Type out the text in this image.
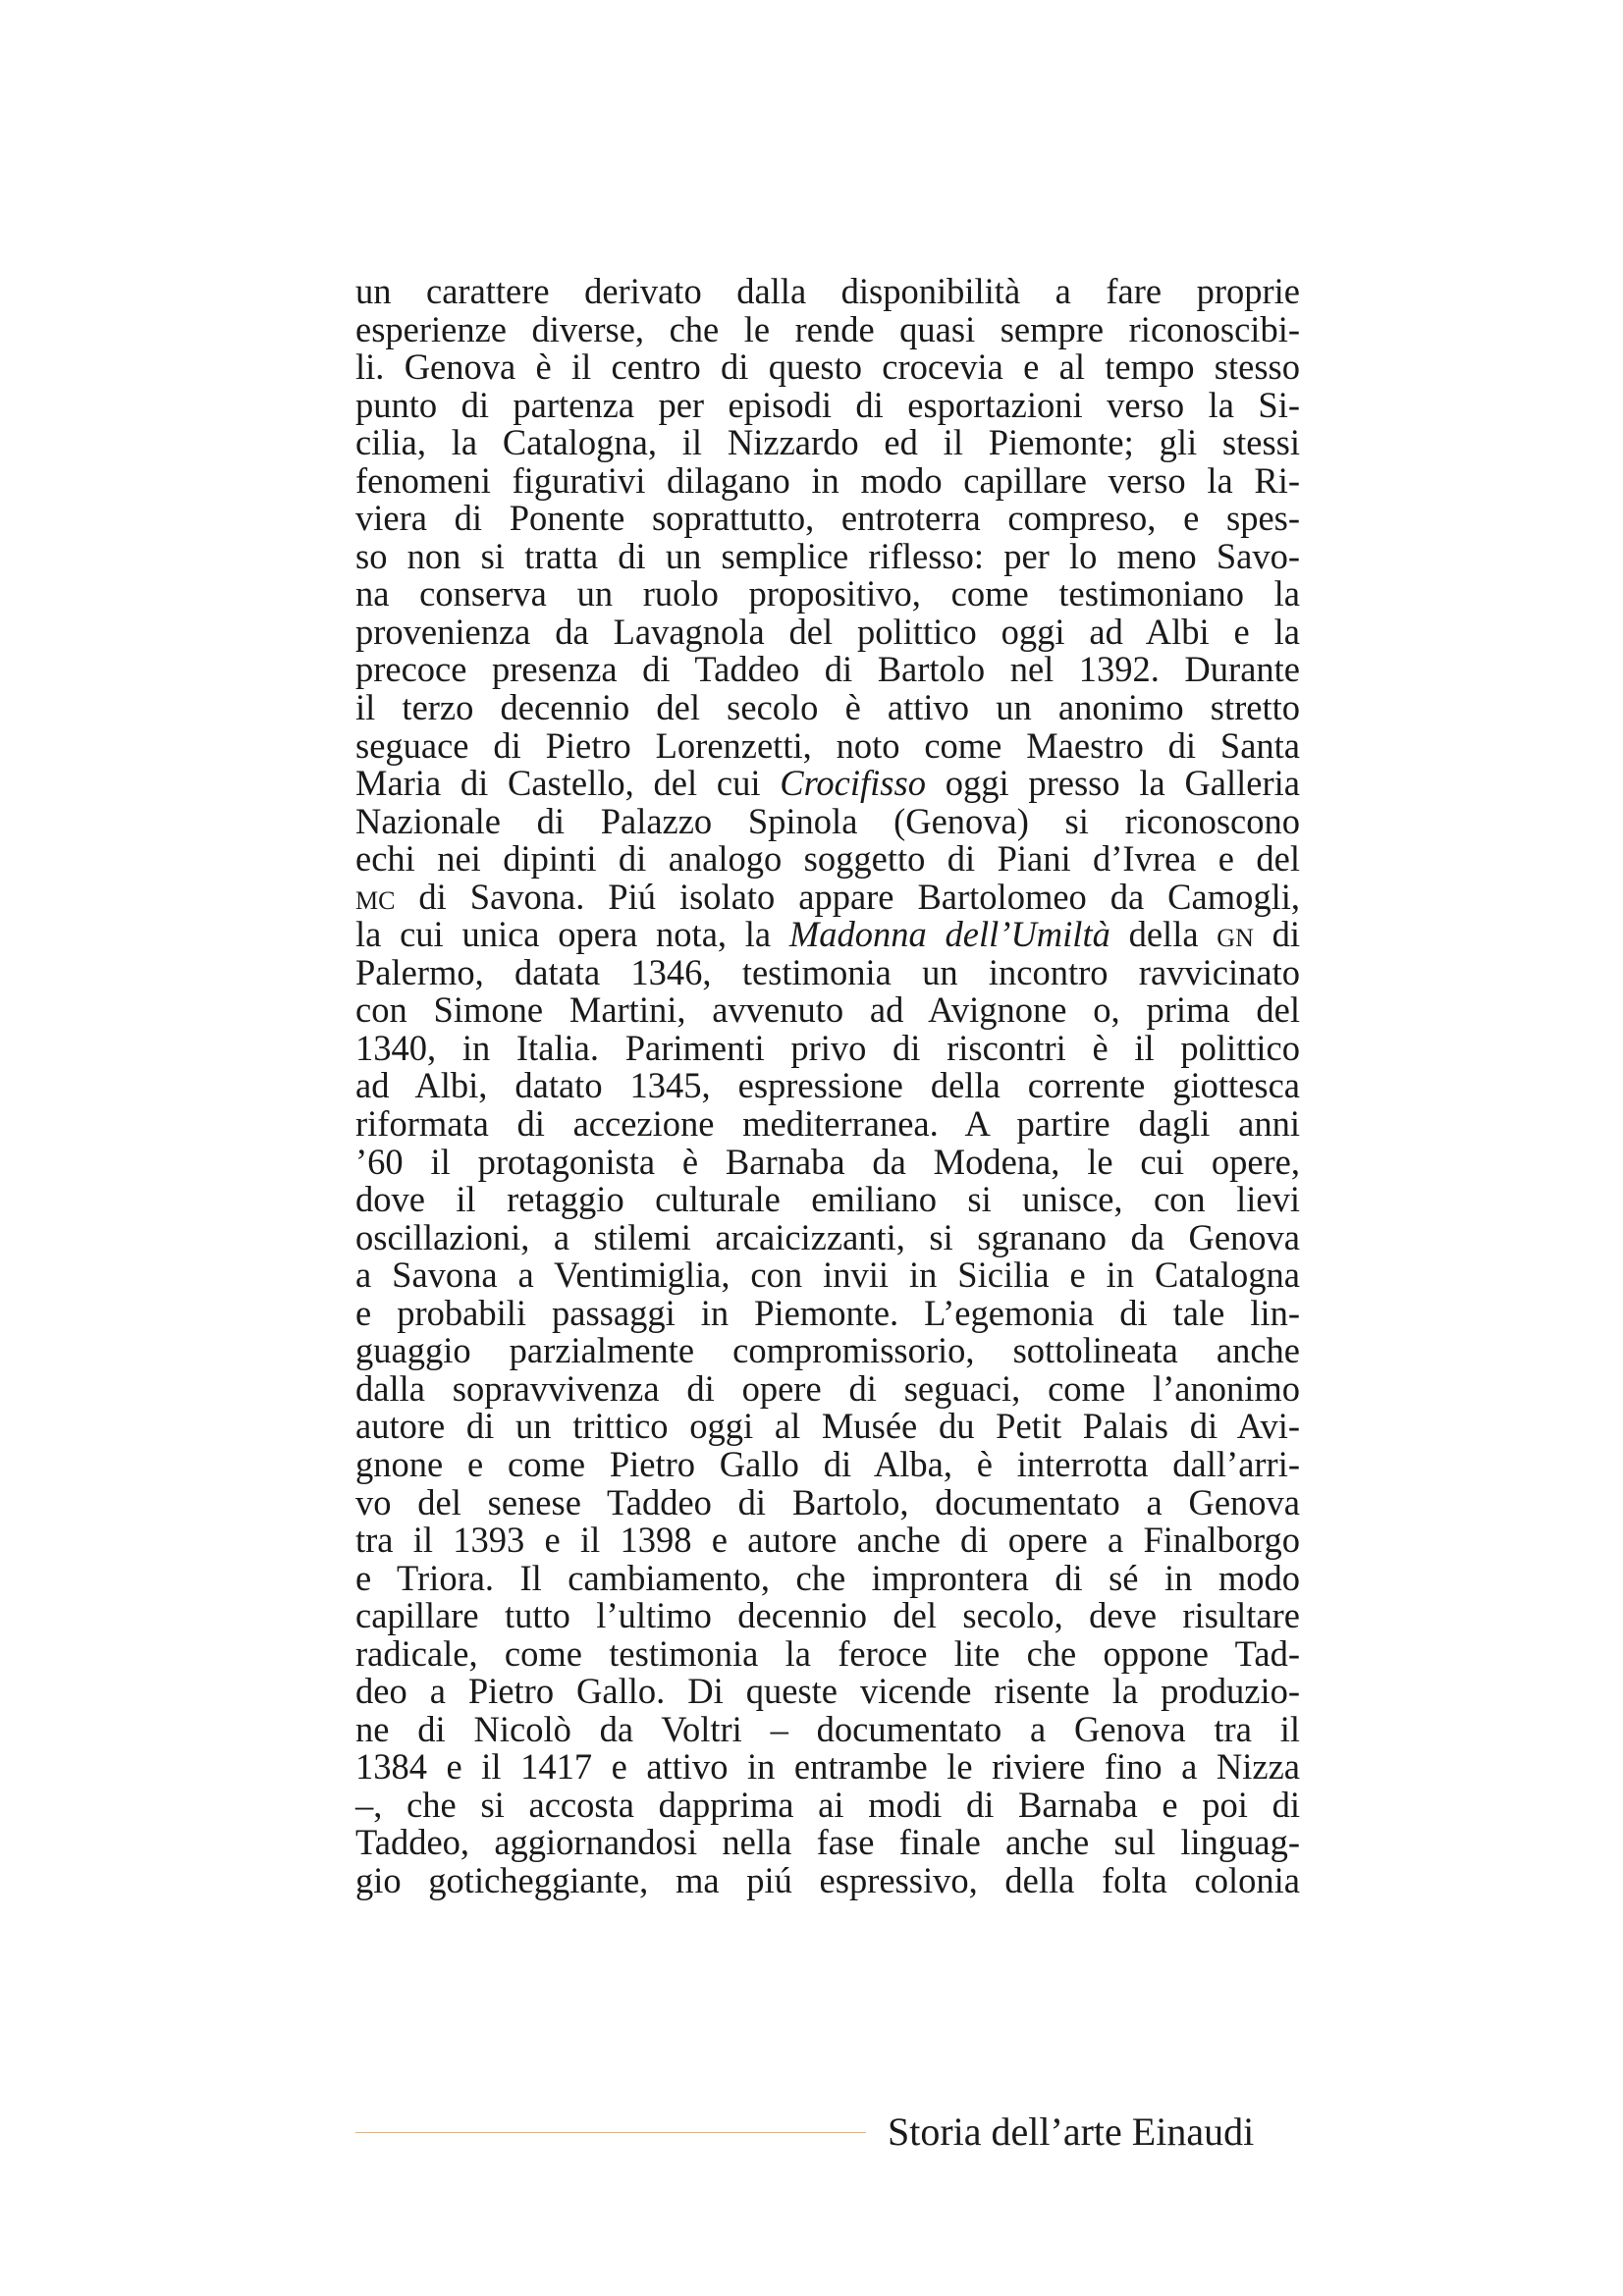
un carattere derivato dalla disponibilità a fare proprie
esperienze diverse, che le rende quasi sempre riconoscibi-
li. Genova è il centro di questo crocevia e al tempo stesso
punto di partenza per episodi di esportazioni verso la Si-
cilia, la Catalogna, il Nizzardo ed il Piemonte; gli stessi
fenomeni figurativi dilagano in modo capillare verso la Ri-
viera di Ponente soprattutto, entroterra compreso, e spes-
so non si tratta di un semplice riflesso: per lo meno Savo-
na conserva un ruolo propositivo, come testimoniano la
provenienza da Lavagnola del polittico oggi ad Albi e la
precoce presenza di Taddeo di Bartolo nel 1392. Durante
il terzo decennio del secolo è attivo un anonimo stretto
seguace di Pietro Lorenzetti, noto come Maestro di Santa
Maria di Castello, del cui Crocifisso oggi presso la Galleria
Nazionale di Palazzo Spinola (Genova) si riconoscono
echi nei dipinti di analogo soggetto di Piani d’Ivrea e del
mc di Savona. Piú isolato appare Bartolomeo da Camogli,
la cui unica opera nota, la Madonna dell’Umiltà della gn di
Palermo, datata 1346, testimonia un incontro ravvicinato
con Simone Martini, avvenuto ad Avignone o, prima del
1340, in Italia. Parimenti privo di riscontri è il polittico
ad Albi, datato 1345, espressione della corrente giottesca
riformata di accezione mediterranea. A partire dagli anni
’60 il protagonista è Barnaba da Modena, le cui opere,
dove il retaggio culturale emiliano si unisce, con lievi
oscillazioni, a stilemi arcaicizzanti, si sgranano da Genova
a Savona a Ventimiglia, con invii in Sicilia e in Catalogna
e probabili passaggi in Piemonte. L’egemonia di tale lin-
guaggio parzialmente compromissorio, sottolineata anche
dalla sopravvivenza di opere di seguaci, come l’anonimo
autore di un trittico oggi al Musée du Petit Palais di Avi-
gnone e come Pietro Gallo di Alba, è interrotta dall’arri-
vo del senese Taddeo di Bartolo, documentato a Genova
tra il 1393 e il 1398 e autore anche di opere a Finalborgo
e Triora. Il cambiamento, che improntera di sé in modo
capillare tutto l’ultimo decennio del secolo, deve risultare
radicale, come testimonia la feroce lite che oppone Tad-
deo a Pietro Gallo. Di queste vicende risente la produzio-
ne di Nicolò da Voltri – documentato a Genova tra il
1384 e il 1417 e attivo in entrambe le riviere fino a Nizza
–, che si accosta dapprima ai modi di Barnaba e poi di
Taddeo, aggiornandosi nella fase finale anche sul linguag-
gio goticheggiante, ma piú espressivo, della folta colonia
Storia dell’arte Einaudi
